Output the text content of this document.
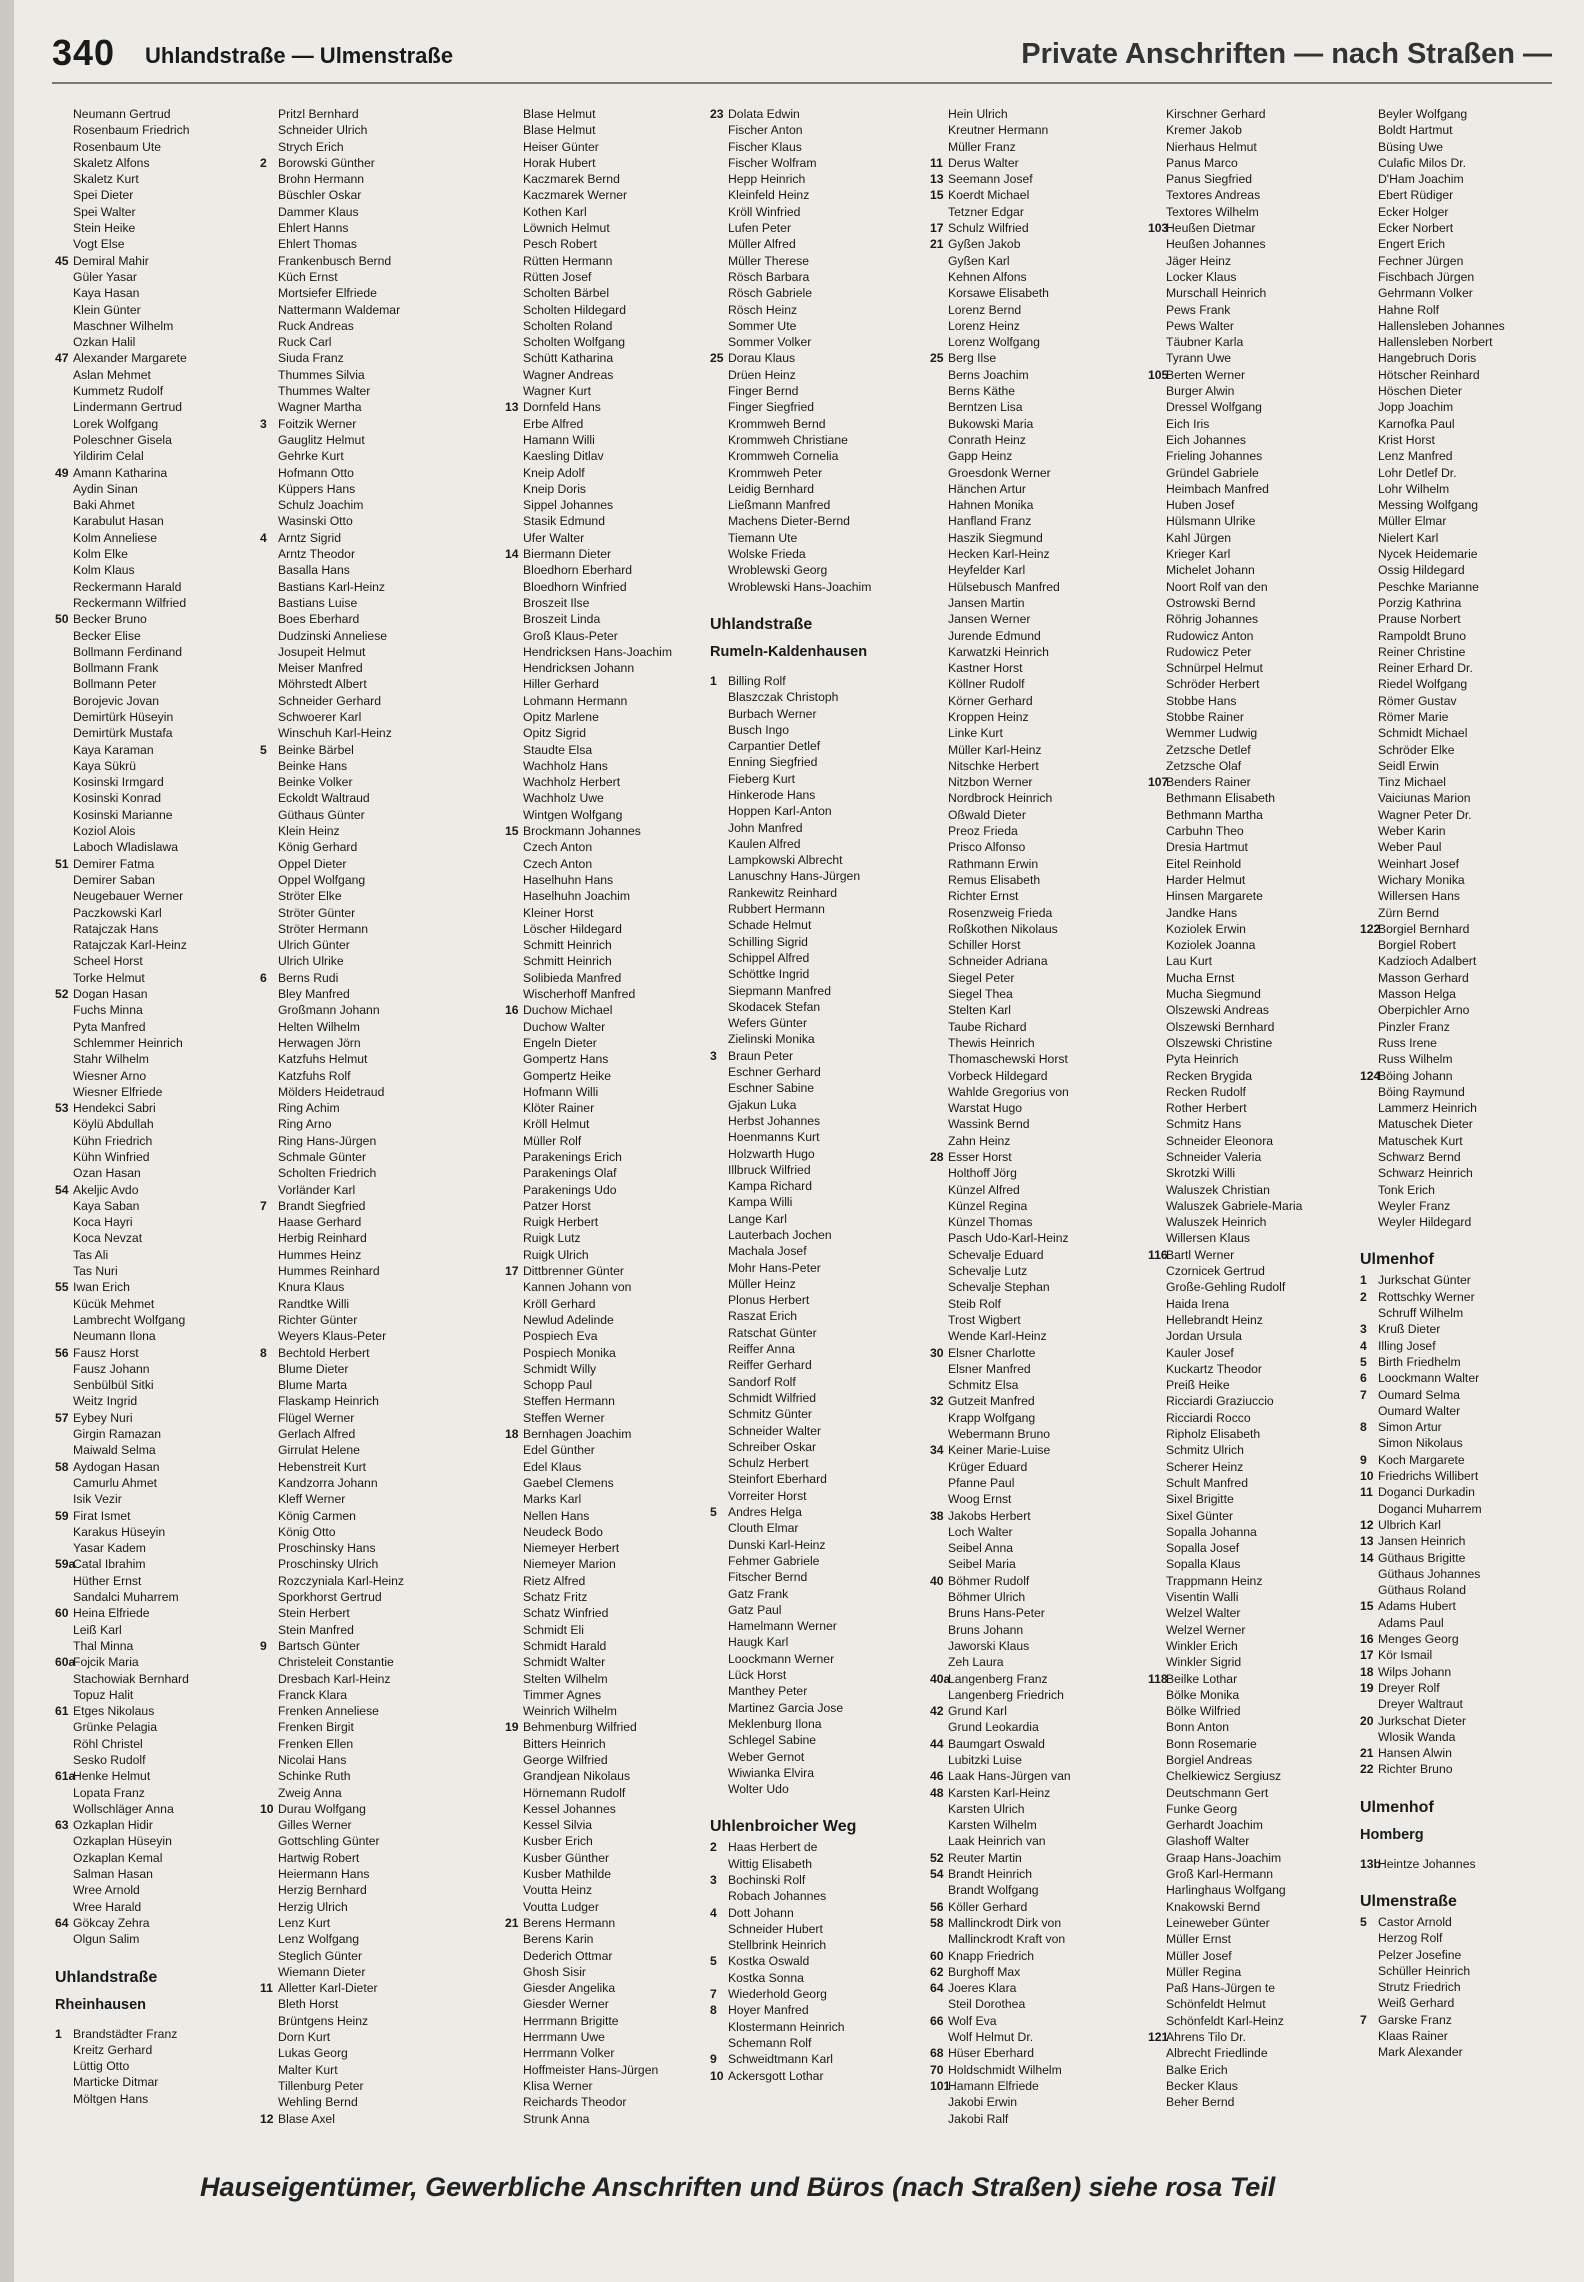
340 Uhlandstraße — Ulmenstraße	Private Anschriften — nach Straßen —
Neumann Gertrud
Rosenbaum Friedrich
Rosenbaum Ute
Skaletz Alfons
Skaletz Kurt
Spei Dieter
Spei Walter
Stein Heike
Vogt Else
45 Demiral Mahir
Güler Yasar
Kaya Hasan
Klein Günter
Maschner Wilhelm
Ozkan Halil
47 Alexander Margarete
Aslan Mehmet
Kummetz Rudolf
Lindermann Gertrud
Lorek Wolfgang
Poleschner Gisela
Yildirim Celal
49 Amann Katharina
Aydin Sinan
Baki Ahmet
Karabulut Hasan
Kolm Anneliese
Kolm Elke
Kolm Klaus
Reckermann Harald
Reckermann Wilfried
50 Becker Bruno
Becker Elise
Bollmann Ferdinand
Bollmann Frank
Bollmann Peter
Borojevic Jovan
Demirtürk Hüseyin
Demirtürk Mustafa
Kaya Karaman
Kaya Sükrü
Kosinski Irmgard
Kosinski Konrad
Kosinski Marianne
Koziol Alois
Laboch Wladislawa
51 Demirer Fatma
Demirer Saban
Neugebauer Werner
Paczkowski Karl
Ratajczak Hans
Ratajczak Karl-Heinz
Scheel Horst
Torke Helmut
52 Dogan Hasan
Fuchs Minna
Pyta Manfred
Schlemmer Heinrich
Stahr Wilhelm
Wiesner Arno
Wiesner Elfriede
53 Hendekci Sabri
Köylü Abdullah
Kühn Friedrich
Kühn Winfried
Ozan Hasan
54 Akeljic Avdo
Kaya Saban
Koca Hayri
Koca Nevzat
Tas Ali
Tas Nuri
55 Iwan Erich
Kücük Mehmet
Lambrecht Wolfgang
Neumann Ilona
56 Fausz Horst
Fausz Johann
Senbülbül Sitki
Weitz Ingrid
57 Eybey Nuri
Girgin Ramazan
Maiwald Selma
58 Aydogan Hasan
Camurlu Ahmet
Isik Vezir
59 Firat Ismet
Karakus Hüseyin
Yasar Kadem
59a
Catal Ibrahim
Hüther Ernst
Sandalci Muharrem
60 Heina Elfriede
Leiß Karl
Thal Minna
60a
Fojcik Maria
Stachowiak Bernhard
Topuz Halit
61 Etges Nikolaus
Grünke Pelagia
Röhl Christel
Sesko Rudolf
61a
Henke Helmut
Lopata Franz
Wollschläger Anna
63 Ozkaplan Hidir
Ozkaplan Hüseyin
Ozkaplan Kemal
Salman Hasan
Wree Arnold
Wree Harald
64 Gökcay Zehra
Olgun Salim
Uhlandstraße
Rheinhausen
1 Brandstädter Franz
Kreitz Gerhard
Lüttig Otto
Marticke Ditmar
Möltgen Hans
Pritzl Bernhard
Schneider Ulrich
Strych Erich
2 Borowski Günther
Brohn Hermann
Büschler Oskar
Dammer Klaus
Ehlert Hanns
Ehlert Thomas
Frankenbusch Bernd
Küch Ernst
Mortsiefer Elfriede
Nattermann Waldemar
Ruck Andreas
Ruck Carl
Siuda Franz
Thummes Silvia
Thummes Walter
Wagner Martha
3 Foitzik Werner
Gauglitz Helmut
Gehrke Kurt
Hofmann Otto
Küppers Hans
Schulz Joachim
Wasinski Otto
4 Arntz Sigrid
Arntz Theodor
Basalla Hans
Bastians Karl-Heinz
Bastians Luise
Boes Eberhard
Dudzinski Anneliese
Josupeit Helmut
Meiser Manfred
Möhrstedt Albert
Schneider Gerhard
Schwoerer Karl
Winschuh Karl-Heinz
5 Beinke Bärbel
Beinke Hans
Beinke Volker
Eckoldt Waltraud
Güthaus Günter
Klein Heinz
König Gerhard
Oppel Dieter
Oppel Wolfgang
Ströter Elke
Ströter Günter
Ströter Hermann
Ulrich Günter
Ulrich Ulrike
6 Berns Rudi
Bley Manfred
Großmann Johann
Helten Wilhelm
Herwagen Jörn
Katzfuhs Helmut
Katzfuhs Rolf
Mölders Heidetraud
Ring Achim
Ring Arno
Ring Hans-Jürgen
Schmale Günter
Scholten Friedrich
Vorländer Karl
7 Brandt Siegfried
Haase Gerhard
Herbig Reinhard
Hummes Heinz
Hummes Reinhard
Knura Klaus
Randtke Willi
Richter Günter
Weyers Klaus-Peter
8 Bechtold Herbert
Blume Dieter
Blume Marta
Flaskamp Heinrich
Flügel Werner
Gerlach Alfred
Girrulat Helene
Hebenstreit Kurt
Kandzorra Johann
Kleff Werner
König Carmen
König Otto
Proschinsky Hans
Proschinsky Ulrich
Rozczyniala Karl-Heinz
Sporkhorst Gertrud
Stein Herbert
Stein Manfred
9 Bartsch Günter
Christeleit Constantie
Dresbach Karl-Heinz
Franck Klara
Frenken Anneliese
Frenken Birgit
Frenken Ellen
Nicolai Hans
Schinke Ruth
Zweig Anna
10 Durau Wolfgang
Gilles Werner
Gottschling Günter
Hartwig Robert
Heiermann Hans
Herzig Bernhard
Herzig Ulrich
Lenz Kurt
Lenz Wolfgang
Steglich Günter
Wiemann Dieter
11 Alletter Karl-Dieter
Bleth Horst
Brüntgens Heinz
Dorn Kurt
Lukas Georg
Malter Kurt
Tillenburg Peter
Wehling Bernd
12 Blase Axel
Blase Helmut
Blase Helmut
Heiser Günter
Horak Hubert
Kaczmarek Bernd
Kaczmarek Werner
Kothen Karl
Löwnich Helmut
Pesch Robert
Rütten Hermann
Rütten Josef
Scholten Bärbel
Scholten Hildegard
Scholten Roland
Scholten Wolfgang
Schütt Katharina
Wagner Andreas
Wagner Kurt
13 Dornfeld Hans
Erbe Alfred
Hamann Willi
Kaesling Ditlav
Kneip Adolf
Kneip Doris
Sippel Johannes
Stasik Edmund
Ufer Walter
14 Biermann Dieter
Bloedhorn Eberhard
Bloedhorn Winfried
Broszeit Ilse
Broszeit Linda
Groß Klaus-Peter
Hendricksen Hans-Joachim
Hendricksen Johann
Hiller Gerhard
Lohmann Hermann
Opitz Marlene
Opitz Sigrid
Staudte Elsa
Wachholz Hans
Wachholz Herbert
Wachholz Uwe
Wintgen Wolfgang
15 Brockmann Johannes
Czech Anton
Czech Anton
Haselhuhn Hans
Haselhuhn Joachim
Kleiner Horst
Löscher Hildegard
Schmitt Heinrich
Schmitt Heinrich
Solibieda Manfred
Wischerhoff Manfred
16 Duchow Michael
Duchow Walter
Engeln Dieter
Gompertz Hans
Gompertz Heike
Hofmann Willi
Klöter Rainer
Kröll Helmut
Müller Rolf
Parakenings Erich
Parakenings Olaf
Parakenings Udo
Patzer Horst
Ruigk Herbert
Ruigk Lutz
Ruigk Ulrich
17 Dittbrenner Günter
Kannen Johann von
Kröll Gerhard
Newlud Adelinde
Pospiech Eva
Pospiech Monika
Schmidt Willy
Schopp Paul
Steffen Hermann
Steffen Werner
18 Bernhagen Joachim
Edel Günther
Edel Klaus
Gaebel Clemens
Marks Karl
Nellen Hans
Neudeck Bodo
Niemeyer Herbert
Niemeyer Marion
Rietz Alfred
Schatz Fritz
Schatz Winfried
Schmidt Eli
Schmidt Harald
Schmidt Walter
Stelten Wilhelm
Timmer Agnes
Weinrich Wilhelm
19 Behmenburg Wilfried
Bitters Heinrich
George Wilfried
Grandjean Nikolaus
Hörnemann Rudolf
Kessel Johannes
Kessel Silvia
Kusber Erich
Kusber Günther
Kusber Mathilde
Voutta Heinz
Voutta Ludger
21 Berens Hermann
Berens Karin
Dederich Ottmar
Ghosh Sisir
Giesder Angelika
Giesder Werner
Herrmann Brigitte
Herrmann Uwe
Herrmann Volker
Hoffmeister Hans-Jürgen
Klisa Werner
Reichards Theodor
Strunk Anna
23 Dolata Edwin
Fischer Anton
Fischer Klaus
Fischer Wolfram
Hepp Heinrich
Kleinfeld Heinz
Kröll Winfried
Lufen Peter
Müller Alfred
Müller Therese
Rösch Barbara
Rösch Gabriele
Rösch Heinz
Sommer Ute
Sommer Volker
25 Dorau Klaus
Drüen Heinz
Finger Bernd
Finger Siegfried
Krommweh Bernd
Krommweh Christiane
Krommweh Cornelia
Krommweh Peter
Leidig Bernhard
Ließmann Manfred
Machens Dieter-Bernd
Tiemann Ute
Wolske Frieda
Wroblewski Georg
Wroblewski Hans-Joachim
Uhlandstraße
Rumeln-Kaldenhausen
1 Billing Rolf
Blaszczak Christoph
Burbach Werner
Busch Ingo
Carpantier Detlef
Enning Siegfried
Fieberg Kurt
Hinkerode Hans
Hoppen Karl-Anton
John Manfred
Kaulen Alfred
Lampkowski Albrecht
Lanuschny Hans-Jürgen
Rankewitz Reinhard
Rubbert Hermann
Schade Helmut
Schilling Sigrid
Schippel Alfred
Schöttke Ingrid
Siepmann Manfred
Skodacek Stefan
Wefers Günter
Zielinski Monika
3 Braun Peter
Eschner Gerhard
Eschner Sabine
Gjakun Luka
Herbst Johannes
Hoenmanns Kurt
Holzwarth Hugo
Illbruck Wilfried
Kampa Richard
Kampa Willi
Lange Karl
Lauterbach Jochen
Machala Josef
Mohr Hans-Peter
Müller Heinz
Plonus Herbert
Raszat Erich
Ratschat Günter
Reiffer Anna
Reiffer Gerhard
Sandorf Rolf
Schmidt Wilfried
Schmitz Günter
Schneider Walter
Schreiber Oskar
Schulz Herbert
Steinfort Eberhard
Vorreiter Horst
5 Andres Helga
Clouth Elmar
Dunski Karl-Heinz
Fehmer Gabriele
Fitscher Bernd
Gatz Frank
Gatz Paul
Hamelmann Werner
Haugk Karl
Loockmann Werner
Lück Horst
Manthey Peter
Martinez Garcia Jose
Meklenburg Ilona
Schlegel Sabine
Weber Gernot
Wiwianka Elvira
Wolter Udo
Uhlenbroicher Weg
2 Haas Herbert de
Wittig Elisabeth
3 Bochinski Rolf
Robach Johannes
4 Dott Johann
Schneider Hubert
Stellbrink Heinrich
5 Kostka Oswald
Kostka Sonna
7 Wiederhold Georg
8 Hoyer Manfred
Klostermann Heinrich
Schemann Rolf
9 Schweidtmann Karl
10 Ackersgott Lothar
Hein Ulrich
Kreutner Hermann
Müller Franz
11 Derus Walter
13 Seemann Josef
15 Koerdt Michael
Tetzner Edgar
17 Schulz Wilfried
21 Gyßen Jakob
Gyßen Karl
Kehnen Alfons
Korsawe Elisabeth
Lorenz Bernd
Lorenz Heinz
Lorenz Wolfgang
25 Berg Ilse
Berns Joachim
Berns Käthe
Berntzen Lisa
Bukowski Maria
Conrath Heinz
Gapp Heinz
Groesdonk Werner
Hänchen Artur
Hahnen Monika
Hanfland Franz
Haszik Siegmund
Hecken Karl-Heinz
Heyfelder Karl
Hülsebusch Manfred
Jansen Martin
Jansen Werner
Jurende Edmund
Karwatzki Heinrich
Kastner Horst
Köllner Rudolf
Körner Gerhard
Kroppen Heinz
Linke Kurt
Müller Karl-Heinz
Nitschke Herbert
Nitzbon Werner
Nordbrock Heinrich
Oßwald Dieter
Preoz Frieda
Prisco Alfonso
Rathmann Erwin
Remus Elisabeth
Richter Ernst
Rosenzweig Frieda
Roßkothen Nikolaus
Schiller Horst
Schneider Adriana
Siegel Peter
Siegel Thea
Stelten Karl
Taube Richard
Thewis Heinrich
Thomaschewski Horst
Vorbeck Hildegard
Wahlde Gregorius von
Warstat Hugo
Wassink Bernd
Zahn Heinz
28 Esser Horst
Holthoff Jörg
Künzel Alfred
Künzel Regina
Künzel Thomas
Pasch Udo-Karl-Heinz
Schevalje Eduard
Schevalje Lutz
Schevalje Stephan
Steib Rolf
Trost Wigbert
Wende Karl-Heinz
30 Elsner Charlotte
Elsner Manfred
Schmitz Elsa
32 Gutzeit Manfred
Krapp Wolfgang
Webermann Bruno
34 Keiner Marie-Luise
Krüger Eduard
Pfanne Paul
Woog Ernst
38 Jakobs Herbert
Loch Walter
Seibel Anna
Seibel Maria
40 Böhmer Rudolf
Böhmer Ulrich
Bruns Hans-Peter
Bruns Johann
Jaworski Klaus
Zeh Laura
40a
Langenberg Franz
Langenberg Friedrich
42 Grund Karl
Grund Leokardia
44 Baumgart Oswald
Lubitzki Luise
46 Laak Hans-Jürgen van
48 Karsten Karl-Heinz
Karsten Ulrich
Karsten Wilhelm
Laak Heinrich van
52 Reuter Martin
54 Brandt Heinrich
Brandt Wolfgang
56 Köller Gerhard
58 Mallinckrodt Dirk von
Mallinckrodt Kraft von
60 Knapp Friedrich
62 Burghoff Max
64 Joeres Klara
Steil Dorothea
66 Wolf Eva
Wolf Helmut Dr.
68 Hüser Eberhard
70 Holdschmidt Wilhelm
101
Hamann Elfriede
Jakobi Erwin
Jakobi Ralf
Kirschner Gerhard
Kremer Jakob
Nierhaus Helmut
Panus Marco
Panus Siegfried
Textores Andreas
Textores Wilhelm
103
Heußen Dietmar
Heußen Johannes
Jäger Heinz
Locker Klaus
Murschall Heinrich
Pews Frank
Pews Walter
Täubner Karla
Tyrann Uwe
105
Berten Werner
Burger Alwin
Dressel Wolfgang
Eich Iris
Eich Johannes
Frieling Johannes
Gründel Gabriele
Heimbach Manfred
Huben Josef
Hülsmann Ulrike
Kahl Jürgen
Krieger Karl
Michelet Johann
Noort Rolf van den
Ostrowski Bernd
Röhrig Johannes
Rudowicz Anton
Rudowicz Peter
Schnürpel Helmut
Schröder Herbert
Stobbe Hans
Stobbe Rainer
Wemmer Ludwig
Zetzsche Detlef
Zetzsche Olaf
107
Benders Rainer
Bethmann Elisabeth
Bethmann Martha
Carbuhn Theo
Dresia Hartmut
Eitel Reinhold
Harder Helmut
Hinsen Margarete
Jandke Hans
Koziolek Erwin
Koziolek Joanna
Lau Kurt
Mucha Ernst
Mucha Siegmund
Olszewski Andreas
Olszewski Bernhard
Olszewski Christine
Pyta Heinrich
Recken Brygida
Recken Rudolf
Rother Herbert
Schmitz Hans
Schneider Eleonora
Schneider Valeria
Skrotzki Willi
Waluszek Christian
Waluszek Gabriele-Maria
Waluszek Heinrich
Willersen Klaus
116
Bartl Werner
Czornicek Gertrud
Große-Gehling Rudolf
Haida Irena
Hellebrandt Heinz
Jordan Ursula
Kauler Josef
Kuckartz Theodor
Preiß Heike
Ricciardi Graziuccio
Ricciardi Rocco
Ripholz Elisabeth
Schmitz Ulrich
Scherer Heinz
Schult Manfred
Sixel Brigitte
Sixel Günter
Sopalla Johanna
Sopalla Josef
Sopalla Klaus
Trappmann Heinz
Visentin Walli
Welzel Walter
Welzel Werner
Winkler Erich
Winkler Sigrid
118
Beilke Lothar
Bölke Monika
Bölke Wilfried
Bonn Anton
Bonn Rosemarie
Borgiel Andreas
Chelkiewicz Sergiusz
Deutschmann Gert
Funke Georg
Gerhardt Joachim
Glashoff Walter
Graap Hans-Joachim
Groß Karl-Hermann
Harlinghaus Wolfgang
Knakowski Bernd
Leineweber Günter
Müller Ernst
Müller Josef
Müller Regina
Paß Hans-Jürgen te
Schönfeldt Helmut
Schönfeldt Karl-Heinz
121
Ahrens Tilo Dr.
Albrecht Friedlinde
Balke Erich
Becker Klaus
Beher Bernd
Beyler Wolfgang
Boldt Hartmut
Büsing Uwe
Culafic Milos Dr.
D'Ham Joachim
Ebert Rüdiger
Ecker Holger
Ecker Norbert
Engert Erich
Fechner Jürgen
Fischbach Jürgen
Gehrmann Volker
Hahne Rolf
Hallensleben Johannes
Hallensleben Norbert
Hangebruch Doris
Hötscher Reinhard
Höschen Dieter
Jopp Joachim
Karnofka Paul
Krist Horst
Lenz Manfred
Lohr Detlef Dr.
Lohr Wilhelm
Messing Wolfgang
Müller Elmar
Nielert Karl
Nycek Heidemarie
Ossig Hildegard
Peschke Marianne
Porzig Kathrina
Prause Norbert
Rampoldt Bruno
Reiner Christine
Reiner Erhard Dr.
Riedel Wolfgang
Römer Gustav
Römer Marie
Schmidt Michael
Schröder Elke
Seidl Erwin
Tinz Michael
Vaiciunas Marion
Wagner Peter Dr.
Weber Karin
Weber Paul
Weinhart Josef
Wichary Monika
Willersen Hans
Zürn Bernd
122
Borgiel Bernhard
Borgiel Robert
Kadzioch Adalbert
Masson Gerhard
Masson Helga
Oberpichler Arno
Pinzler Franz
Russ Irene
Russ Wilhelm
124
Böing Johann
Böing Raymund
Lammerz Heinrich
Matuschek Dieter
Matuschek Kurt
Schwarz Bernd
Schwarz Heinrich
Tonk Erich
Weyler Franz
Weyler Hildegard
Ulmenhof
1 Jurkschat Günter
2 Rottschky Werner
Schruff Wilhelm
3 Kruß Dieter
4 Illing Josef
5 Birth Friedhelm
6 Loockmann Walter
7 Oumard Selma
Oumard Walter
8 Simon Artur
Simon Nikolaus
9 Koch Margarete
10 Friedrichs Willibert
11 Doganci Durkadin
Doganci Muharrem
12 Ulbrich Karl
13 Jansen Heinrich
14 Güthaus Brigitte
Güthaus Johannes
Güthaus Roland
15 Adams Hubert
Adams Paul
16 Menges Georg
17 Kör Ismail
18 Wilps Johann
19 Dreyer Rolf
Dreyer Waltraut
20 Jurkschat Dieter
Wlosik Wanda
21 Hansen Alwin
22 Richter Bruno
Ulmenhof
Homberg
13b
Heintze Johannes
Ulmenstraße
5 Castor Arnold
Herzog Rolf
Pelzer Josefine
Schüller Heinrich
Strutz Friedrich
Weiß Gerhard
7 Garske Franz
Klaas Rainer
Mark Alexander
Hauseigentümer, Gewerbliche Anschriften und Büros (nach Straßen) siehe rosa Teil
